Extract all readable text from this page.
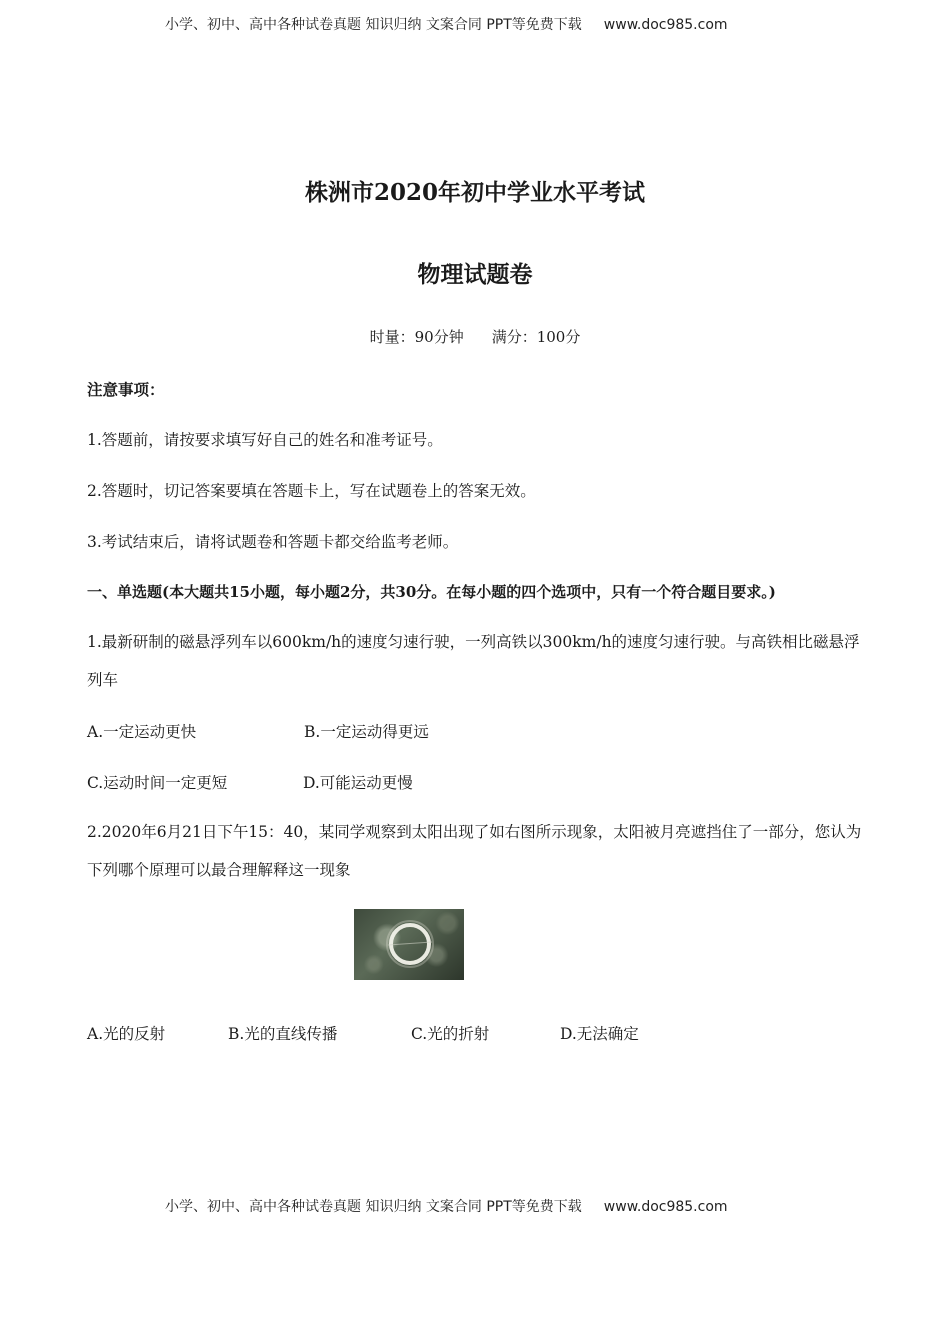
小学、初中、高中各种试卷真题 知识归纳 文案合同 PPT等免费下载 www.doc985.com
株洲市2020年初中学业水平考试
物理试题卷
时量：90分钟 满分：100分
注意事项：
1.答题前，请按要求填写好自己的姓名和准考证号。
2.答题时，切记答案要填在答题卡上，写在试题卷上的答案无效。
3.考试结束后，请将试题卷和答题卡都交给监考老师。
一、单选题(本大题共15小题，每小题2分，共30分。在每小题的四个选项中，只有一个符合题目要求。)
1.最新研制的磁悬浮列车以600km/h的速度匀速行驶，一列高铁以300km/h的速度匀速行驶。与高铁相比磁悬浮列车
A.一定运动更快	B.一定运动得更远
C.运动时间一定更短	D.可能运动更慢
2.2020年6月21日下午15：40，某同学观察到太阳出现了如右图所示现象，太阳被月亮遮挡住了一部分，您认为下列哪个原理可以最合理解释这一现象
A.光的反射	B.光的直线传播	C.光的折射	D.无法确定
小学、初中、高中各种试卷真题 知识归纳 文案合同 PPT等免费下载 www.doc985.com
